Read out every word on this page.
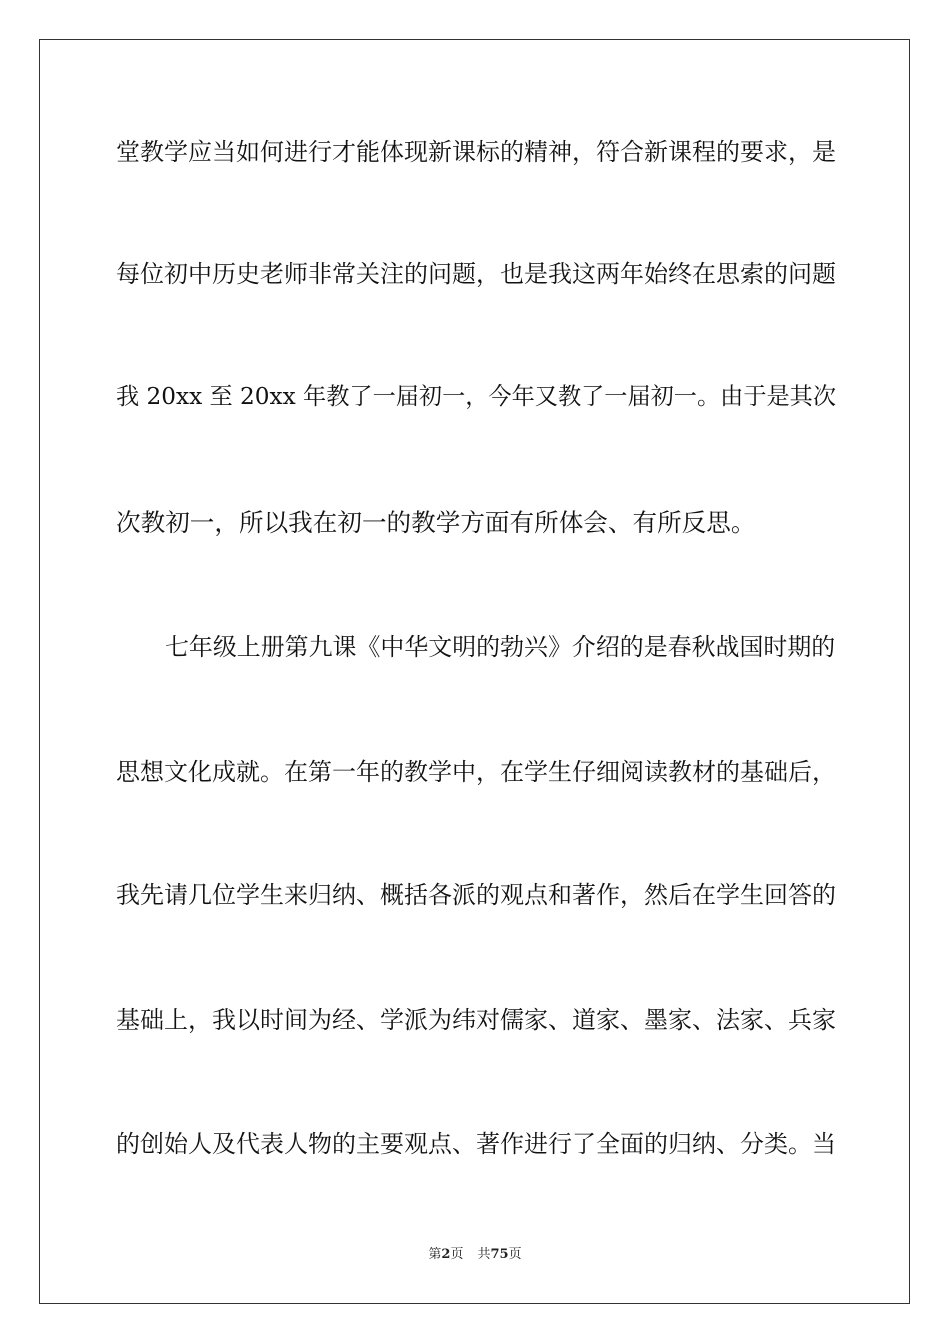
堂教学应当如何进行才能体现新课标的精神，符合新课程的要求，是
每位初中历史老师非常关注的问题，也是我这两年始终在思索的问题
我 20xx 至 20xx 年教了一届初一，今年又教了一届初一。由于是其次
次教初一，所以我在初一的教学方面有所体会、有所反思。
七年级上册第九课《中华文明的勃兴》介绍的是春秋战国时期的
思想文化成就。在第一年的教学中，在学生仔细阅读教材的基础后，
我先请几位学生来归纳、概括各派的观点和著作，然后在学生回答的
基础上，我以时间为经、学派为纬对儒家、道家、墨家、法家、兵家
的创始人及代表人物的主要观点、著作进行了全面的归纳、分类。当
第2页 共75页
